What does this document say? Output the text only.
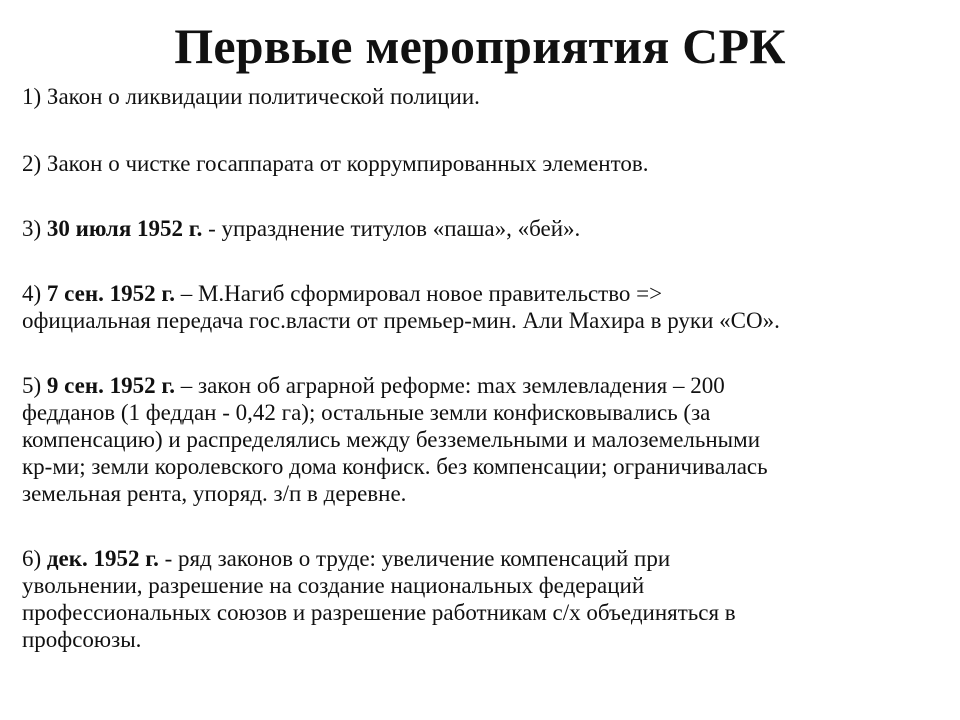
Первые мероприятия СРК
1) Закон о ликвидации политической полиции.
2) Закон о чистке госаппарата от коррумпированных элементов.
3) 30 июля 1952 г. - упразднение титулов «паша», «бей».
4) 7 сен. 1952 г. – М.Нагиб сформировал новое правительство =>
официальная передача гос.власти от премьер-мин. Али Махира в руки «СО».
5) 9 сен. 1952 г. – закон об аграрной реформе: max землевладения – 200
федданов (1 феддан - 0,42 га); остальные земли конфисковывались (за
компенсацию) и распределялись между безземельными и малоземельными
кр-ми; земли королевского дома конфиск. без компенсации; ограничивалась
земельная рента, упоряд. з/п в деревне.
6) дек. 1952 г. - ряд законов о труде: увеличение компенсаций при
увольнении, разрешение на создание национальных федераций
профессиональных союзов и разрешение работникам с/х объединяться в
профсоюзы.
